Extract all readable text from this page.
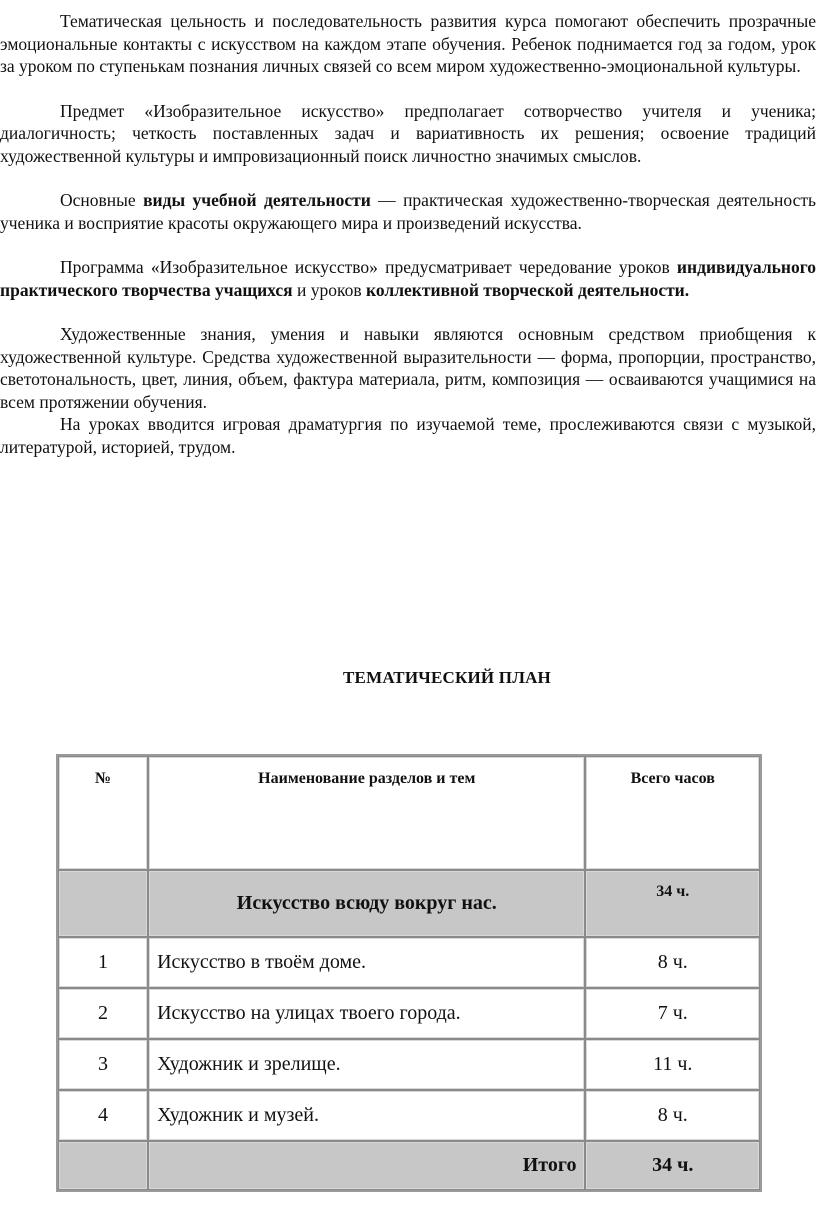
Тематическая цельность и последовательность развития курса помогают обеспечить прозрачные эмоциональные контакты с искусством на каждом этапе обучения. Ребенок поднимается год за годом, урок за уроком по ступенькам познания личных связей со всем миром художественно-эмоциональной культуры.

Предмет «Изобразительное искусство» предполагает сотворчество учителя и ученика; диалогичность; четкость поставленных задач и вариативность их решения; освоение традиций художественной культуры и импровизационный поиск личностно значимых смыслов.

Основные виды учебной деятельности — практическая художественно-творческая деятельность ученика и восприятие красоты окружающего мира и произведений искусства.

Программа «Изобразительное искусство» предусматривает чередование уроков индивидуального практического творчества учащихся и уроков коллективной творческой деятельности.

Художественные знания, умения и навыки являются основным средством приобщения к художественной культуре. Средства художественной выразительности — форма, пропорции, пространство, светотональность, цвет, линия, объем, фактура материала, ритм, композиция — осваиваются учащимися на всем протяжении обучения.

На уроках вводится игровая драматургия по изучаемой теме, прослеживаются связи с музыкой, литературой, историей, трудом.

ТЕМАТИЧЕСКИЙ ПЛАН
№	Наименование разделов и тем	Всего часов

	Искусство всюду вокруг нас.	34 ч.
1	Искусство в твоём доме.	8 ч.
2	Искусство на улицах твоего города.	7 ч.
3	Художник и зрелище.	11 ч.
4	Художник и музей.	8 ч.
	Итого	34 ч.
